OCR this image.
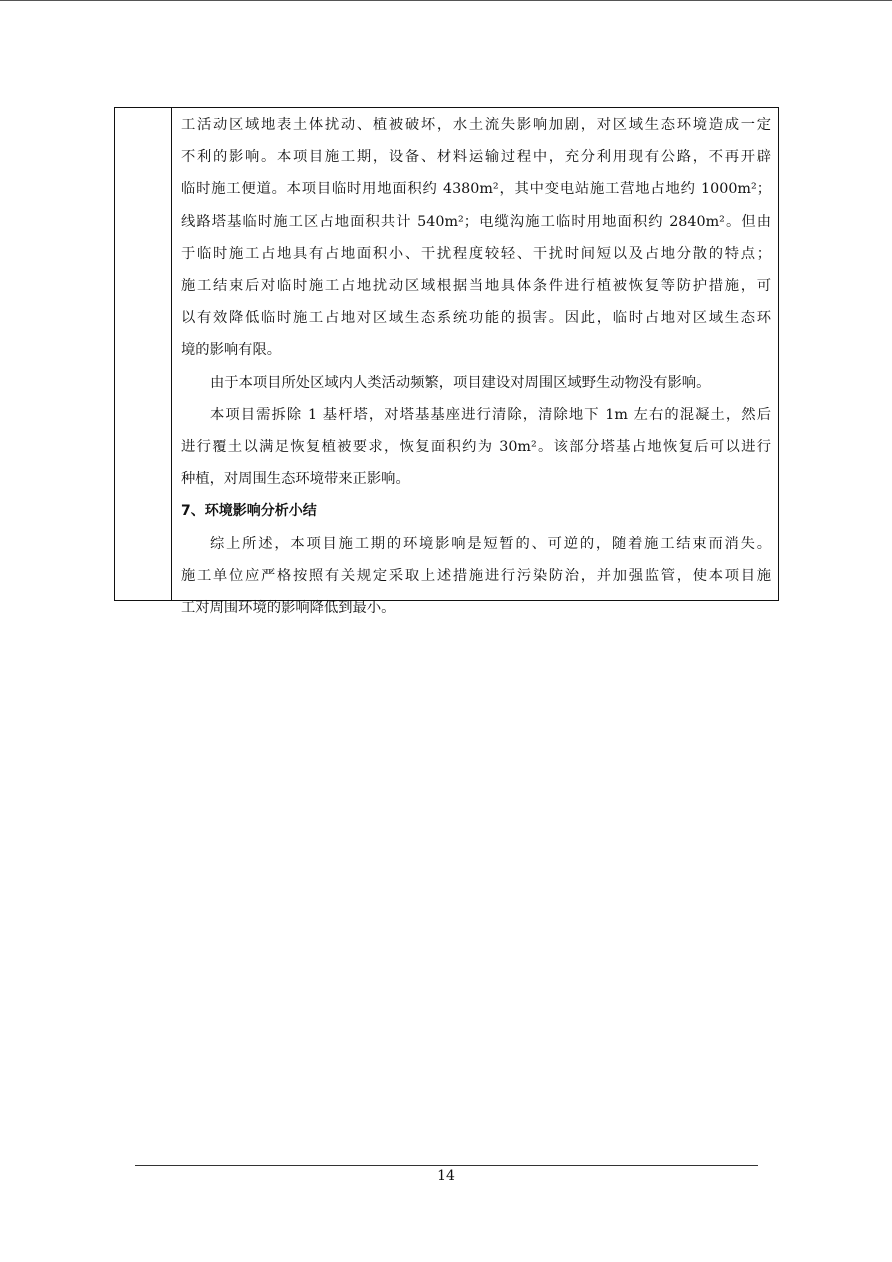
工活动区域地表土体扰动、植被破坏，水土流失影响加剧，对区域生态环境造成一定

不利的影响。本项目施工期，设备、材料运输过程中，充分利用现有公路，不再开辟

临时施工便道。本项目临时用地面积约 4380m²，其中变电站施工营地占地约 1000m²；

线路塔基临时施工区占地面积共计 540m²；电缆沟施工临时用地面积约 2840m²。但由

于临时施工占地具有占地面积小、干扰程度较轻、干扰时间短以及占地分散的特点；

施工结束后对临时施工占地扰动区域根据当地具体条件进行植被恢复等防护措施，可

以有效降低临时施工占地对区域生态系统功能的损害。因此，临时占地对区域生态环

境的影响有限。

由于本项目所处区域内人类活动频繁，项目建设对周围区域野生动物没有影响。

本项目需拆除 1 基杆塔，对塔基基座进行清除，清除地下 1m 左右的混凝土，然后

进行覆土以满足恢复植被要求，恢复面积约为 30m²。该部分塔基占地恢复后可以进行

种植，对周围生态环境带来正影响。

7、环境影响分析小结

综上所述，本项目施工期的环境影响是短暂的、可逆的，随着施工结束而消失。

施工单位应严格按照有关规定采取上述措施进行污染防治，并加强监管，使本项目施

工对周围环境的影响降低到最小。

14
